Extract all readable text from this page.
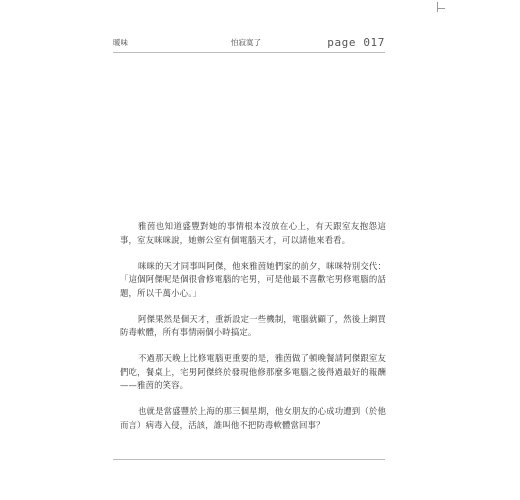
暖味	怕寂寞了	page 017

雅茵也知道盛豐對她的事情根本沒放在心上，有天跟室友抱怨這事，室友咪咪說，她辦公室有個電腦天才，可以請他來看看。

咪咪的天才同事叫阿傑，他來雅茵她們家的前夕，咪咪特別交代：「這個阿傑呢是個很會修電腦的宅男，可是他最不喜歡宅男修電腦的話題，所以千萬小心。」

阿傑果然是個天才，重新設定一些機制，電腦就顧了，然後上網買防毒軟體，所有事情兩個小時搞定。

不過那天晚上比修電腦更重要的是，雅茵做了頓晚餐請阿傑跟室友們吃，餐桌上，宅男阿傑終於發現他修那麼多電腦之後得過最好的報酬——雅茵的笑容。

也就是當盛豐於上海的那三個星期，他女朋友的心成功遭到（於他而言）病毒入侵，活該，誰叫他不把防毒軟體當回事？
